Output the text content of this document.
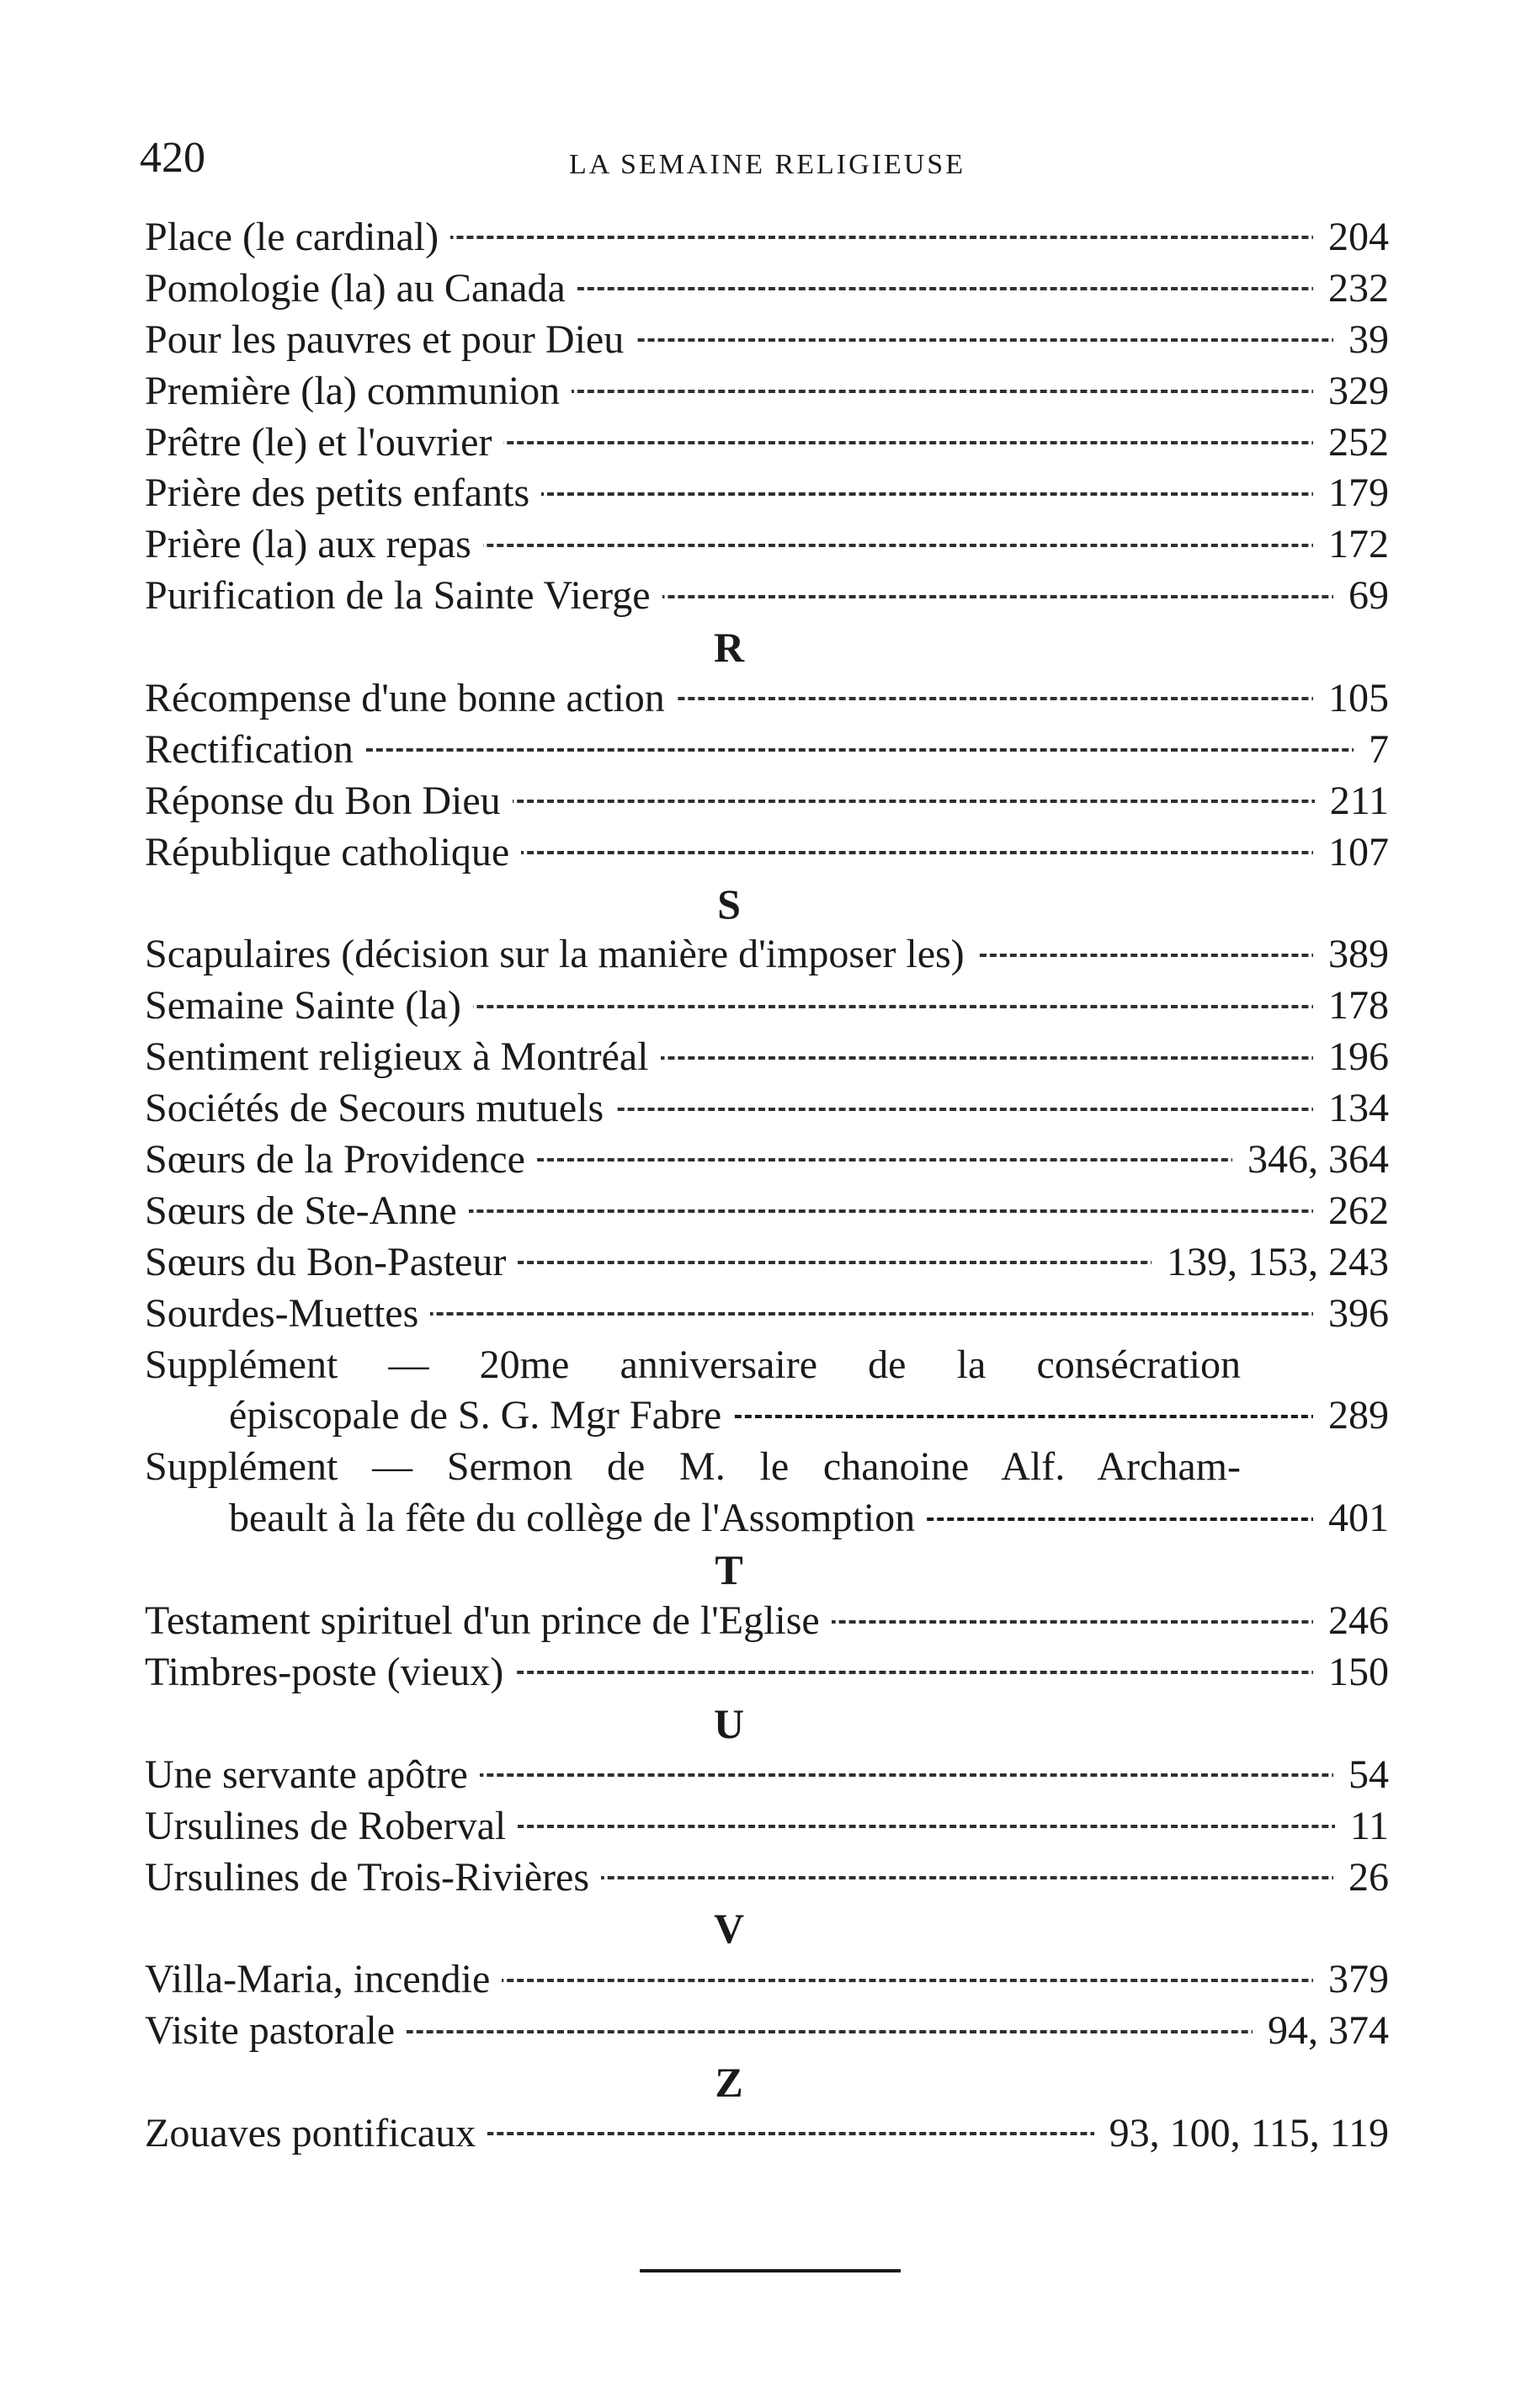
420	LA SEMAINE RELIGIEUSE
Place (le cardinal)	204
Pomologie (la) au Canada	232
Pour les pauvres et pour Dieu	39
Première (la) communion	329
Prêtre (le) et l'ouvrier	252
Prière des petits enfants	179
Prière (la) aux repas	172
Purification de la Sainte Vierge	69
R
Récompense d'une bonne action	105
Rectification	7
Réponse du Bon Dieu	211
République catholique	107
S
Scapulaires (décision sur la manière d'imposer les)	389
Semaine Sainte (la)	178
Sentiment religieux à Montréal	196
Sociétés de Secours mutuels	134
Sœurs de la Providence	346, 364
Sœurs de Ste-Anne	262
Sœurs du Bon-Pasteur	139, 153, 243
Sourdes-Muettes	396
Supplément — 20me anniversaire de la consécration
épiscopale de S. G. Mgr Fabre	289
Supplément — Sermon de M. le chanoine Alf. Archam-
beault à la fête du collège de l'Assomption	401
T
Testament spirituel d'un prince de l'Eglise	246
Timbres-poste (vieux)	150
U
Une servante apôtre	54
Ursulines de Roberval	11
Ursulines de Trois-Rivières	26
V
Villa-Maria, incendie	379
Visite pastorale	94, 374
Z
Zouaves pontificaux	93, 100, 115, 119
